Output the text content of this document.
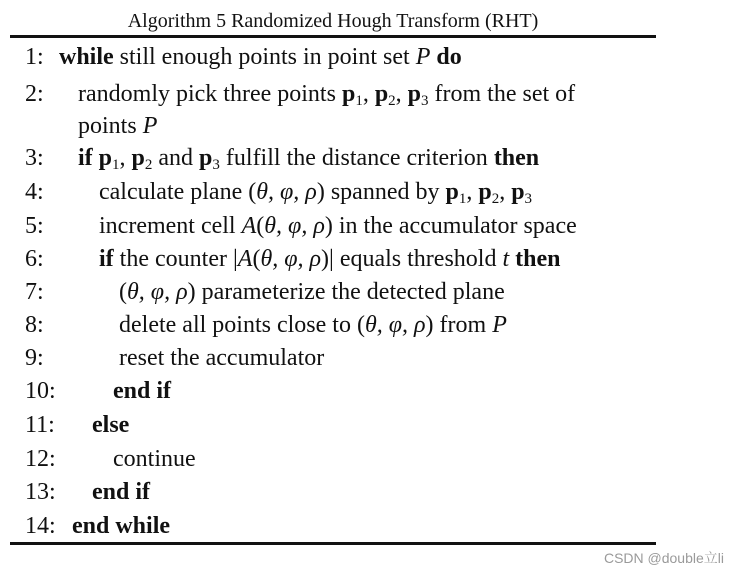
Algorithm 5 Randomized Hough Transform (RHT)
1: while still enough points in point set P do
2: randomly pick three points $p_1$, $p_2$, $p_3$ from the set of
points P
3: if $p_1$, $p_2$ and $p_3$ fulfill the distance criterion then
4: calculate plane (θ, φ, ρ) spanned by $p_1$, $p_2$, $p_3$
5: increment cell A(θ, φ, ρ) in the accumulator space
6: if the counter |A(θ, φ, ρ)| equals threshold t then
7:	(θ, φ, ρ) parameterize the detected plane
8:	delete all points close to (θ, φ, ρ) from P
9:	reset the accumulator
10: end if
11: else
12: continue
13: end if
14: end while
CSDN @double立li
